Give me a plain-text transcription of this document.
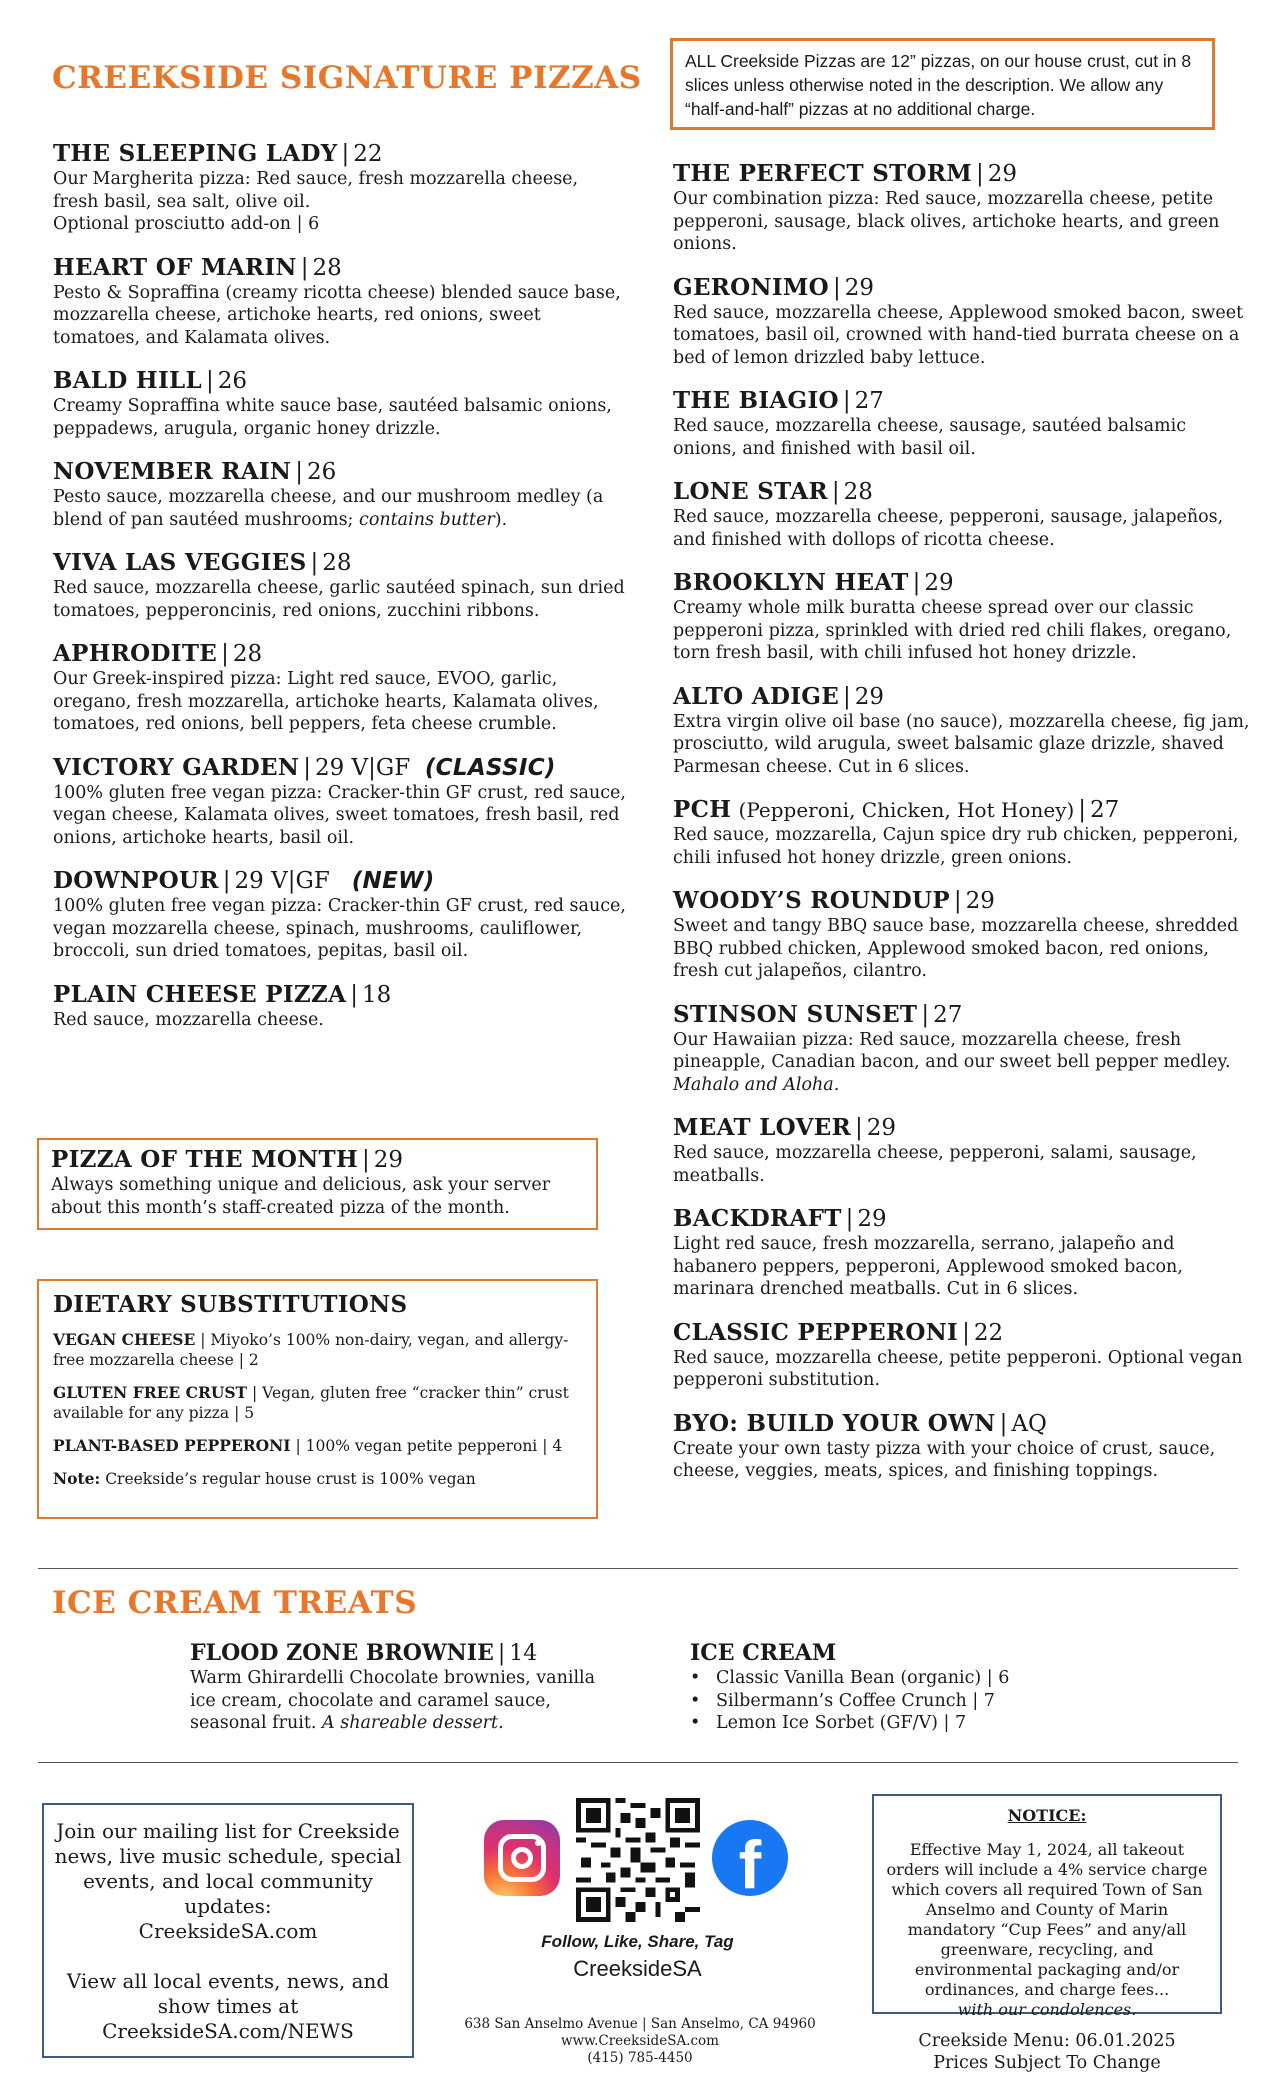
CREEKSIDE SIGNATURE PIZZAS	ALL Creekside Pizzas are 12” pizzas, on our house crust, cut in 8 slices unless otherwise noted in the description. We allow any “half-and-half” pizzas at no additional charge.
THE SLEEPING LADY | 22
Our Margherita pizza: Red sauce, fresh mozzarella cheese, fresh basil, sea salt, olive oil.
Optional prosciutto add-on | 6
HEART OF MARIN | 28
Pesto & Sopraffina (creamy ricotta cheese) blended sauce base, mozzarella cheese, artichoke hearts, red onions, sweet tomatoes, and Kalamata olives.
BALD HILL | 26
Creamy Sopraffina white sauce base, sautéed balsamic onions, peppadews, arugula, organic honey drizzle.
NOVEMBER RAIN | 26
Pesto sauce, mozzarella cheese, and our mushroom medley (a blend of pan sautéed mushrooms; contains butter).
VIVA LAS VEGGIES | 28
Red sauce, mozzarella cheese, garlic sautéed spinach, sun dried tomatoes, pepperoncinis, red onions, zucchini ribbons.
APHRODITE | 28
Our Greek-inspired pizza: Light red sauce, EVOO, garlic, oregano, fresh mozzarella, artichoke hearts, Kalamata olives, tomatoes, red onions, bell peppers, feta cheese crumble.
VICTORY GARDEN | 29 V|GF (CLASSIC)
100% gluten free vegan pizza: Cracker-thin GF crust, red sauce, vegan cheese, Kalamata olives, sweet tomatoes, fresh basil, red onions, artichoke hearts, basil oil.
DOWNPOUR | 29 V|GF (NEW)
100% gluten free vegan pizza: Cracker-thin GF crust, red sauce, vegan mozzarella cheese, spinach, mushrooms, cauliflower, broccoli, sun dried tomatoes, pepitas, basil oil.
PLAIN CHEESE PIZZA | 18
Red sauce, mozzarella cheese.
PIZZA OF THE MONTH | 29
Always something unique and delicious, ask your server about this month’s staff-created pizza of the month.
DIETARY SUBSTITUTIONS
VEGAN CHEESE | Miyoko’s 100% non-dairy, vegan, and allergy-free mozzarella cheese | 2
GLUTEN FREE CRUST | Vegan, gluten free “cracker thin” crust available for any pizza | 5
PLANT-BASED PEPPERONI | 100% vegan petite pepperoni | 4
Note: Creekside’s regular house crust is 100% vegan
THE PERFECT STORM | 29
Our combination pizza: Red sauce, mozzarella cheese, petite pepperoni, sausage, black olives, artichoke hearts, and green onions.
GERONIMO | 29
Red sauce, mozzarella cheese, Applewood smoked bacon, sweet tomatoes, basil oil, crowned with hand-tied burrata cheese on a bed of lemon drizzled baby lettuce.
THE BIAGIO | 27
Red sauce, mozzarella cheese, sausage, sautéed balsamic onions, and finished with basil oil.
LONE STAR | 28
Red sauce, mozzarella cheese, pepperoni, sausage, jalapeños, and finished with dollops of ricotta cheese.
BROOKLYN HEAT | 29
Creamy whole milk buratta cheese spread over our classic pepperoni pizza, sprinkled with dried red chili flakes, oregano, torn fresh basil, with chili infused hot honey drizzle.
ALTO ADIGE | 29
Extra virgin olive oil base (no sauce), mozzarella cheese, fig jam, prosciutto, wild arugula, sweet balsamic glaze drizzle, shaved Parmesan cheese. Cut in 6 slices.
PCH (Pepperoni, Chicken, Hot Honey) | 27
Red sauce, mozzarella, Cajun spice dry rub chicken, pepperoni, chili infused hot honey drizzle, green onions.
WOODY’S ROUNDUP | 29
Sweet and tangy BBQ sauce base, mozzarella cheese, shredded BBQ rubbed chicken, Applewood smoked bacon, red onions, fresh cut jalapeños, cilantro.
STINSON SUNSET | 27
Our Hawaiian pizza: Red sauce, mozzarella cheese, fresh pineapple, Canadian bacon, and our sweet bell pepper medley. Mahalo and Aloha.
MEAT LOVER | 29
Red sauce, mozzarella cheese, pepperoni, salami, sausage, meatballs.
BACKDRAFT | 29
Light red sauce, fresh mozzarella, serrano, jalapeño and habanero peppers, pepperoni, Applewood smoked bacon, marinara drenched meatballs. Cut in 6 slices.
CLASSIC PEPPERONI | 22
Red sauce, mozzarella cheese, petite pepperoni. Optional vegan pepperoni substitution.
BYO: BUILD YOUR OWN | AQ
Create your own tasty pizza with your choice of crust, sauce, cheese, veggies, meats, spices, and finishing toppings.
ICE CREAM TREATS
FLOOD ZONE BROWNIE | 14
Warm Ghirardelli Chocolate brownies, vanilla ice cream, chocolate and caramel sauce, seasonal fruit. A shareable dessert.
ICE CREAM
• Classic Vanilla Bean (organic) | 6
• Silbermann’s Coffee Crunch | 7
• Lemon Ice Sorbet (GF/V) | 7
Join our mailing list for Creekside news, live music schedule, special events, and local community updates:
CreeksideSA.com
View all local events, news, and show times at
CreeksideSA.com/NEWS
f
Follow, Like, Share, Tag
CreeksideSA
638 San Anselmo Avenue | San Anselmo, CA 94960
www.CreeksideSA.com
(415) 785-4450
NOTICE:
Effective May 1, 2024, all takeout orders will include a 4% service charge which covers all required Town of San Anselmo and County of Marin mandatory “Cup Fees” and any/all greenware, recycling, and environmental packaging and/or ordinances, and charge fees...
with our condolences.
Creekside Menu: 06.01.2025
Prices Subject To Change
